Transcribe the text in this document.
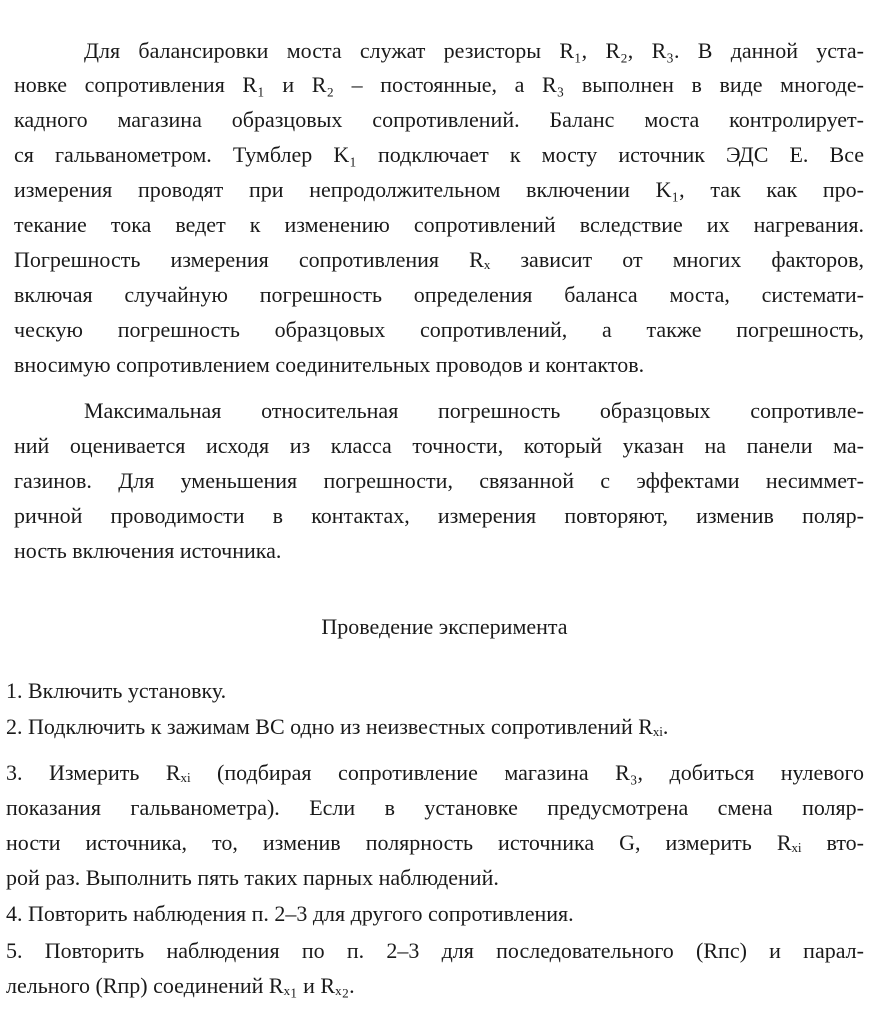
Для балансировки моста служат резисторы R₁, R₂, R₃. В данной уста-
новке сопротивления R₁ и R₂ – постоянные, а R₃ выполнен в виде многоде-
кадного магазина образцовых сопротивлений. Баланс моста контролирует-
ся гальванометром. Тумблер K₁ подключает к мосту источник ЭДС E. Все
измерения проводят при непродолжительном включении K₁, так как про-
текание тока ведет к изменению сопротивлений вследствие их нагревания.
Погрешность измерения сопротивления Rₓ зависит от многих факторов,
включая случайную погрешность определения баланса моста, системати-
ческую погрешность образцовых сопротивлений, а также погрешность,
вносимую сопротивлением соединительных проводов и контактов.
Максимальная относительная погрешность образцовых сопротивле-
ний оценивается исходя из класса точности, который указан на панели ма-
газинов. Для уменьшения погрешности, связанной с эффектами несиммет-
ричной проводимости в контактах, измерения повторяют, изменив поляр-
ность включения источника.
Проведение эксперимента
1. Включить установку.
2. Подключить к зажимам BC одно из неизвестных сопротивлений Rₓᵢ.
3. Измерить Rₓᵢ (подбирая сопротивление магазина R₃, добиться нулевого
показания гальванометра). Если в установке предусмотрена смена поляр-
ности источника, то, изменив полярность источника G, измерить Rₓᵢ вто-
рой раз. Выполнить пять таких парных наблюдений.
4. Повторить наблюдения п. 2–3 для другого сопротивления.
5. Повторить наблюдения по п. 2–3 для последовательного (Rпс) и парал-
лельного (Rпр) соединений Rₓ₁ и Rₓ₂.
